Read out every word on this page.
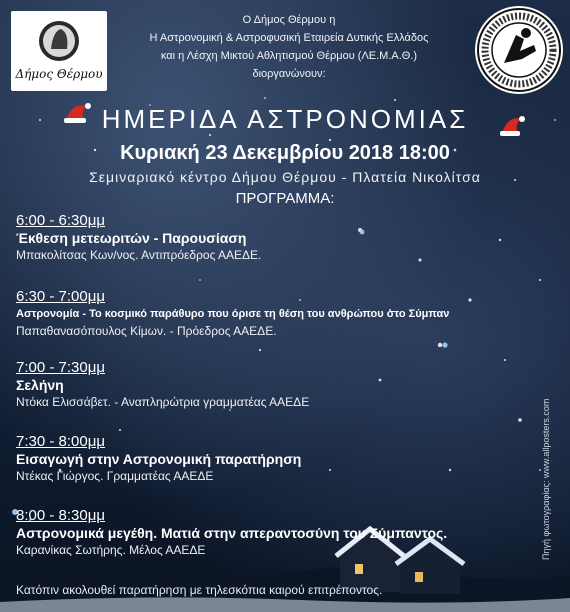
Δήμος Θέρμου
Ο Δήμος Θέρμου η
Η Αστρονομική & Αστροφυσική Εταιρεία Δυτικής Ελλάδος
και η Λέσχη Μικτού Αθλητισμού Θέρμου (ΛΕ.Μ.Α.Θ.)
διοργανώνουν:
ΗΜΕΡΙΔΑ ΑΣΤΡΟΝΟΜΙΑΣ
Κυριακή 23 Δεκεμβρίου 2018 18:00
Σεμιναριακό κέντρο Δήμου Θέρμου - Πλατεία Νικολίτσα
ΠΡΟΓΡΑΜΜΑ:
6:00 - 6:30μμ
Έκθεση μετεωριτών - Παρουσίαση
Μπακολίτσας Κων/νος. Αντιπρόεδρος ΑΑΕΔΕ.
6:30 - 7:00μμ
Αστρονομία - Το κοσμικό παράθυρο που όρισε τη θέση του ανθρώπου στο Σύμπαν
Παπαθανασόπουλος Κίμων. - Πρόεδρος ΑΑΕΔΕ.
7:00 - 7:30μμ
Σελήνη
Ντόκα Ελισσάβετ. - Αναπληρώτρια γραμματέας ΑΑΕΔΕ
7:30 - 8:00μμ
Εισαγωγή στην Αστρονομική παρατήρηση
Ντέκας Γιώργος. Γραμματέας ΑΑΕΔΕ
8:00 - 8:30μμ
Αστρονομικά μεγέθη. Ματιά στην απεραντοσύνη του Σύμπαντος.
Καρανίκας Σωτήρης. Μέλος ΑΑΕΔΕ
Κατόπιν ακολουθεί παρατήρηση με τηλεσκόπια καιρού επιτρέποντος.
Πηγή φωτογραφίας: www.allposters.com
